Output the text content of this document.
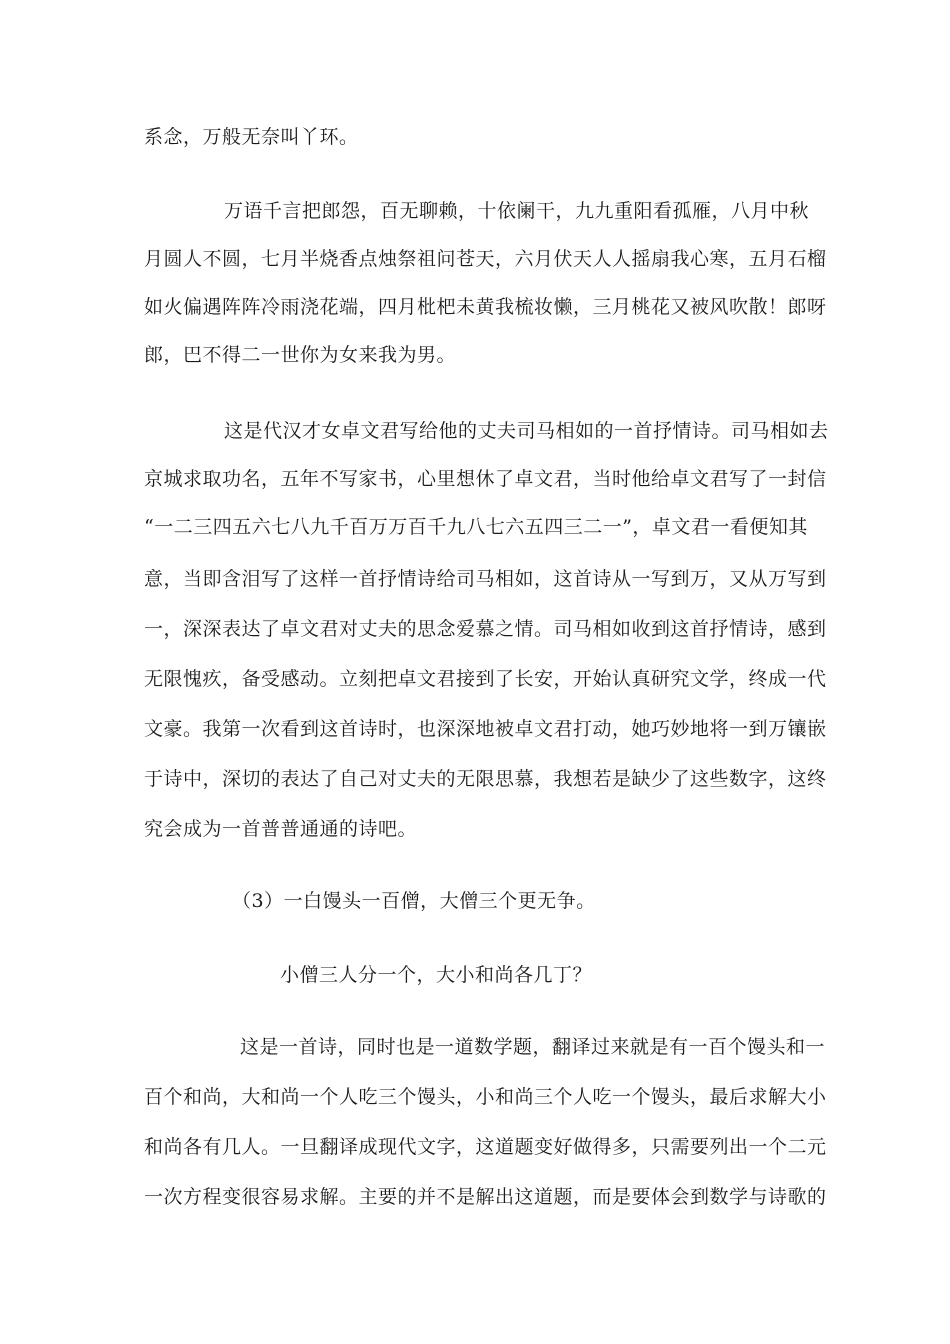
系念，万般无奈叫丫环。
万语千言把郎怨，百无聊赖，十依阑干，九九重阳看孤雁，八月中秋
月圆人不圆，七月半烧香点烛祭祖问苍天，六月伏天人人摇扇我心寒，五月石榴
如火偏遇阵阵冷雨浇花端，四月枇杷未黄我梳妆懒，三月桃花又被风吹散！郎呀
郎，巴不得二一世你为女来我为男。
这是代汉才女卓文君写给他的丈夫司马相如的一首抒情诗。司马相如去
京城求取功名，五年不写家书，心里想休了卓文君，当时他给卓文君写了一封信
“一二三四五六七八九千百万万百千九八七六五四三二一”，卓文君一看便知其
意，当即含泪写了这样一首抒情诗给司马相如，这首诗从一写到万，又从万写到
一，深深表达了卓文君对丈夫的思念爱慕之情。司马相如收到这首抒情诗，感到
无限愧疚，备受感动。立刻把卓文君接到了长安，开始认真研究文学，终成一代
文豪。我第一次看到这首诗时，也深深地被卓文君打动，她巧妙地将一到万镶嵌
于诗中，深切的表达了自己对丈夫的无限思慕，我想若是缺少了这些数字，这终
究会成为一首普普通通的诗吧。
（3）一白馒头一百僧，大僧三个更无争。
小僧三人分一个，大小和尚各几丁？
这是一首诗，同时也是一道数学题，翻译过来就是有一百个馒头和一
百个和尚，大和尚一个人吃三个馒头，小和尚三个人吃一个馒头，最后求解大小
和尚各有几人。一旦翻译成现代文字，这道题变好做得多，只需要列出一个二元
一次方程变很容易求解。主要的并不是解出这道题，而是要体会到数学与诗歌的
